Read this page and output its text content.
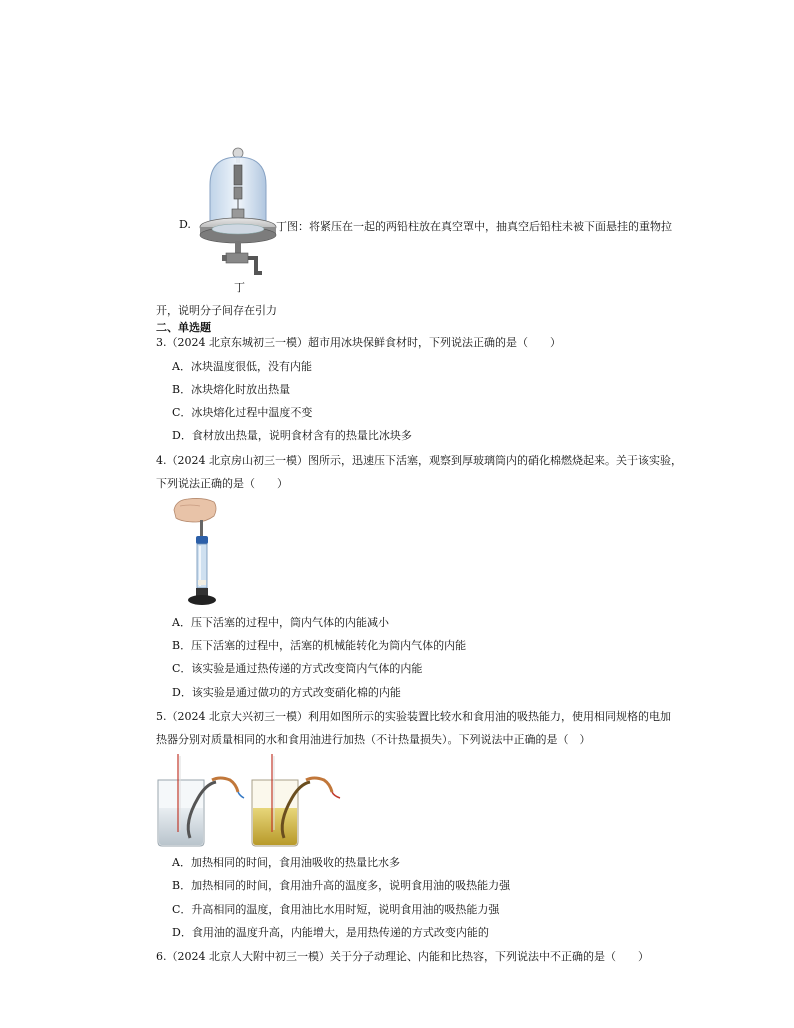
丁
D.	丁图：将紧压在一起的两铅柱放在真空罩中，抽真空后铅柱未被下面悬挂的重物拉
开，说明分子间存在引力
二、单选题
3.（2024 北京东城初三一模）超市用冰块保鲜食材时，下列说法正确的是（　　）
A．冰块温度很低，没有内能
B．冰块熔化时放出热量
C．冰块熔化过程中温度不变
D．食材放出热量，说明食材含有的热量比冰块多
4.（2024 北京房山初三一模）图所示，迅速压下活塞，观察到厚玻璃筒内的硝化棉燃烧起来。关于该实验，
下列说法正确的是（　　）
A．压下活塞的过程中，筒内气体的内能减小
B．压下活塞的过程中，活塞的机械能转化为筒内气体的内能
C．该实验是通过热传递的方式改变筒内气体的内能
D．该实验是通过做功的方式改变硝化棉的内能
5.（2024 北京大兴初三一模）利用如图所示的实验装置比较水和食用油的吸热能力，使用相同规格的电加
热器分别对质量相同的水和食用油进行加热（不计热量损失）。下列说法中正确的是（　）
A．加热相同的时间，食用油吸收的热量比水多
B．加热相同的时间，食用油升高的温度多，说明食用油的吸热能力强
C．升高相同的温度，食用油比水用时短，说明食用油的吸热能力强
D．食用油的温度升高，内能增大，是用热传递的方式改变内能的
6.（2024 北京人大附中初三一模）关于分子动理论、内能和比热容，下列说法中不正确的是（　　）
